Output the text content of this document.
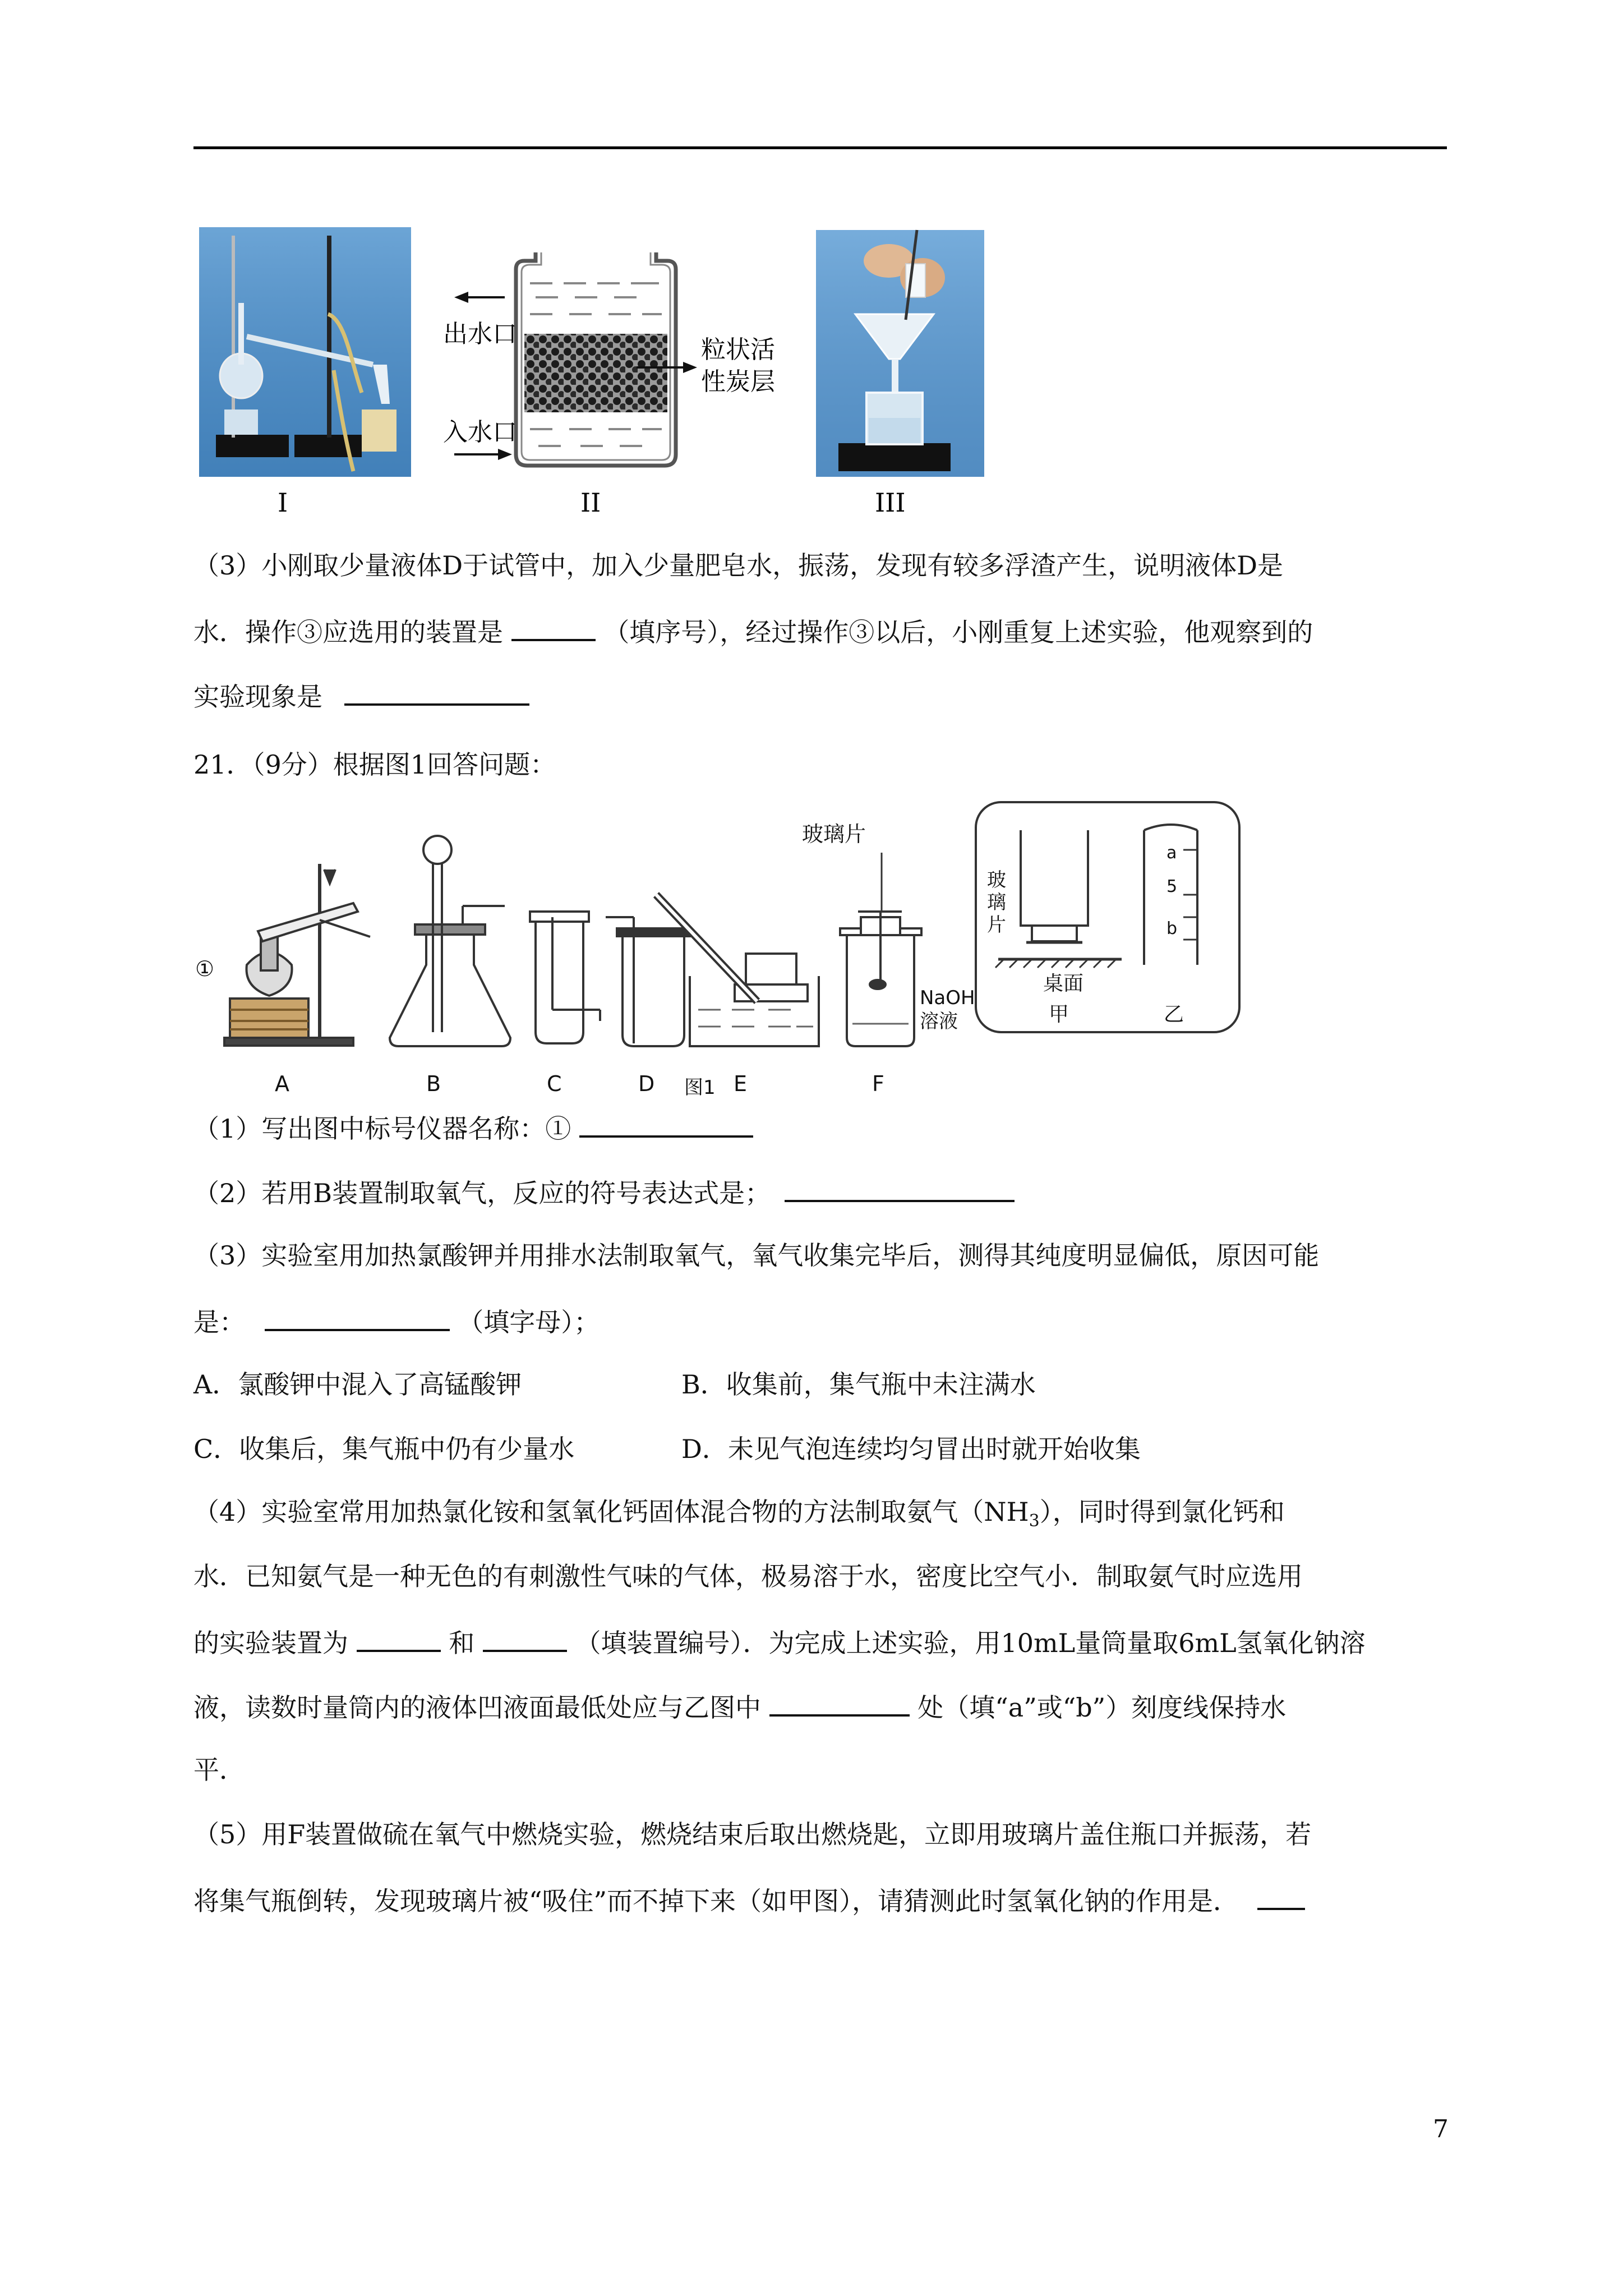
I
出水口
入水口
粒状活
性炭层
II	III
（3）小刚取少量液体D于试管中，加入少量肥皂水，振荡，发现有较多浮渣产生，说明液体D是
水．操作③应选用的装置是	（填序号），经过操作③以后，小刚重复上述实验，他观察到的
实验现象是
21．（9分）根据图1回答问题：
①
A	B	C	D	E
玻璃片
NaOH
溶液
F
玻
璃
片
桌面
甲
a
5
b
乙
图1
（1）写出图中标号仪器名称：①
（2）若用B装置制取氧气，反应的符号表达式是；
（3）实验室用加热氯酸钾并用排水法制取氧气，氧气收集完毕后，测得其纯度明显偏低，原因可能
是：	（填字母）；
A．氯酸钾中混入了高锰酸钾	B．收集前，集气瓶中未注满水
C．收集后，集气瓶中仍有少量水	D．未见气泡连续均匀冒出时就开始收集
（4）实验室常用加热氯化铵和氢氧化钙固体混合物的方法制取氨气$(NH_3)$，同时得到氯化钙和
水．已知氨气是一种无色的有刺激性气味的气体，极易溶于水，密度比空气小．制取氨气时应选用
的实验装置为	和	（填装置编号）．为完成上述实验，用10mL量筒量取6mL氢氧化钠溶
液，读数时量筒内的液体凹液面最低处应与乙图中	处（填“a”或“b”）刻度线保持水
平．
（5）用F装置做硫在氧气中燃烧实验，燃烧结束后取出燃烧匙，立即用玻璃片盖住瓶口并振荡，若
将集气瓶倒转，发现玻璃片被“吸住”而不掉下来（如甲图），请猜测此时氢氧化钠的作用是．
7
